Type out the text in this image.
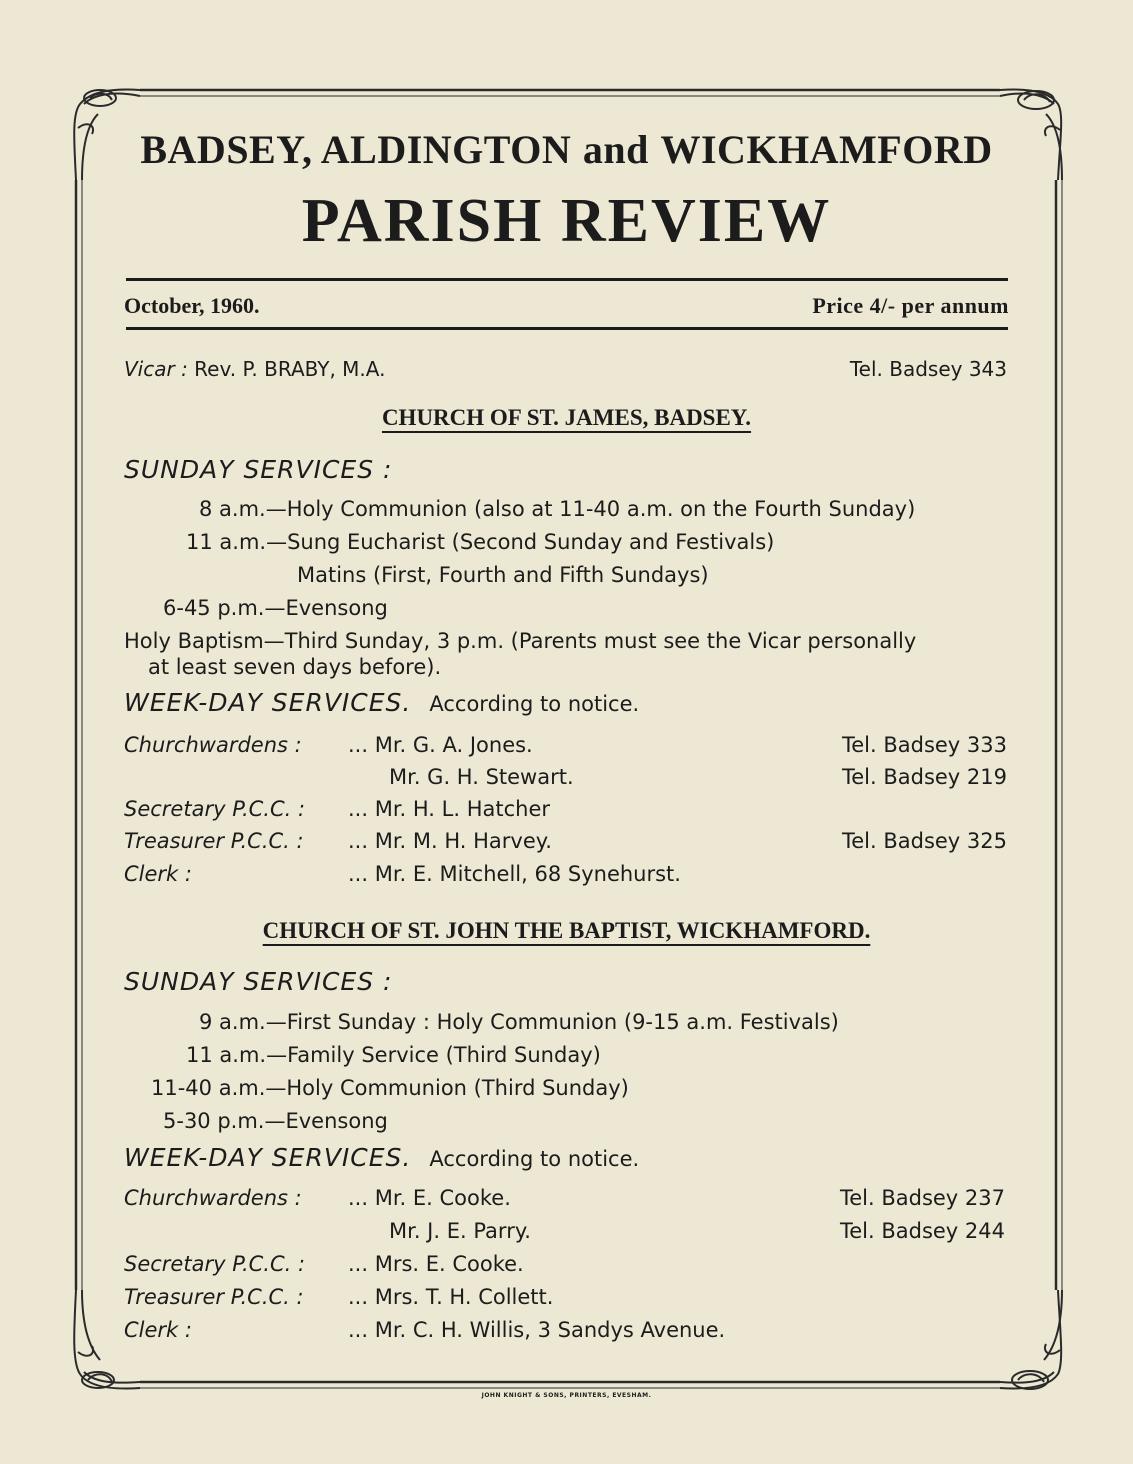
BADSEY, ALDINGTON and WICKHAMFORD
PARISH REVIEW
October, 1960.	Price 4/- per annum
Vicar : Rev. P. BRABY, M.A.	Tel. Badsey 343
CHURCH OF ST. JAMES, BADSEY.
SUNDAY SERVICES :
8 a.m.—Holy Communion (also at 11-40 a.m. on the Fourth Sunday)
11 a.m.—Sung Eucharist (Second Sunday and Festivals)
Matins (First, Fourth and Fifth Sundays)
6-45 p.m.—Evensong
Holy Baptism—Third Sunday, 3 p.m. (Parents must see the Vicar personally
at least seven days before).
WEEK-DAY SERVICES. According to notice.
Churchwardens : ... Mr. G. A. Jones.	Tel. Badsey 333
Mr. G. H. Stewart.	Tel. Badsey 219
Secretary P.C.C. : ... Mr. H. L. Hatcher
Treasurer P.C.C. : ... Mr. M. H. Harvey.	Tel. Badsey 325
Clerk :	... Mr. E. Mitchell, 68 Synehurst.
CHURCH OF ST. JOHN THE BAPTIST, WICKHAMFORD.
SUNDAY SERVICES :
9 a.m.—First Sunday : Holy Communion (9-15 a.m. Festivals)
11 a.m.—Family Service (Third Sunday)
11-40 a.m.—Holy Communion (Third Sunday)
5-30 p.m.—Evensong
WEEK-DAY SERVICES. According to notice.
Churchwardens : ... Mr. E. Cooke.	Tel. Badsey 237
Mr. J. E. Parry.	Tel. Badsey 244
Secretary P.C.C. : ... Mrs. E. Cooke.
Treasurer P.C.C. : ... Mrs. T. H. Collett.
Clerk :	... Mr. C. H. Willis, 3 Sandys Avenue.
JOHN KNIGHT & SONS, PRINTERS, EVESHAM.
